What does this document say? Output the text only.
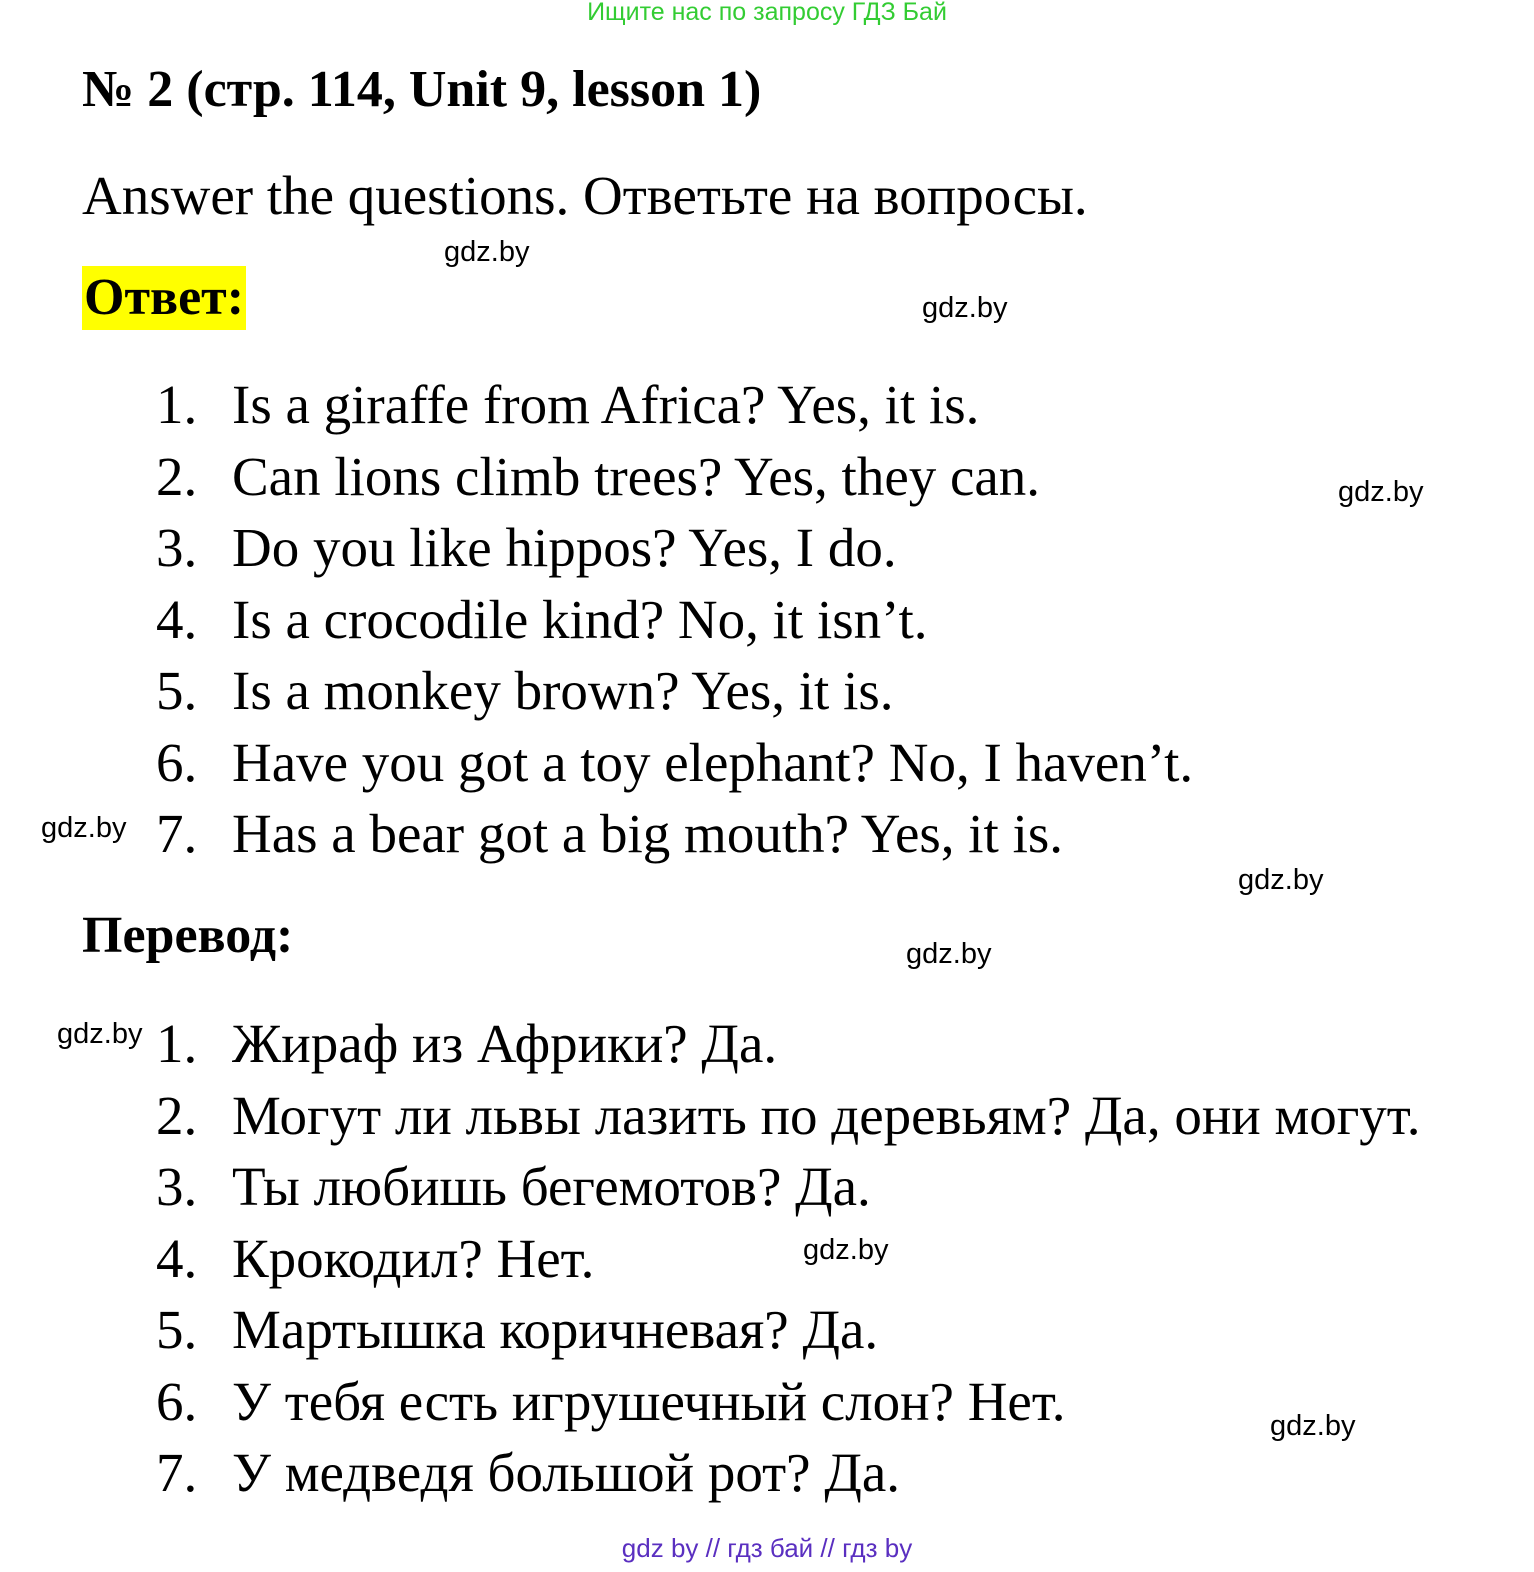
Ищите нас по запросу ГДЗ Бай
№ 2 (стр. 114, Unit 9, lesson 1)

Answer the questions. Ответьте на вопросы.

Ответ:
1. Is a giraffe from Africa? Yes, it is.
2. Can lions climb trees? Yes, they can.
3. Do you like hippos? Yes, I do.
4. Is a crocodile kind? No, it isn’t.
5. Is a monkey brown? Yes, it is.
6. Have you got a toy elephant? No, I haven’t.
7. Has a bear got a big mouth? Yes, it is.
Перевод:
1. Жираф из Африки? Да.
2. Могут ли львы лазить по деревьям? Да, они могут.
3. Ты любишь бегемотов? Да.
4. Крокодил? Нет.
5. Мартышка коричневая? Да.
6. У тебя есть игрушечный слон? Нет.
7. У медведя большой рот? Да.
gdz.by
gdz.by
gdz.by
gdz.by
gdz.by
gdz.by
gdz.by
gdz.by
gdz.by
gdz by // гдз бай // гдз by
